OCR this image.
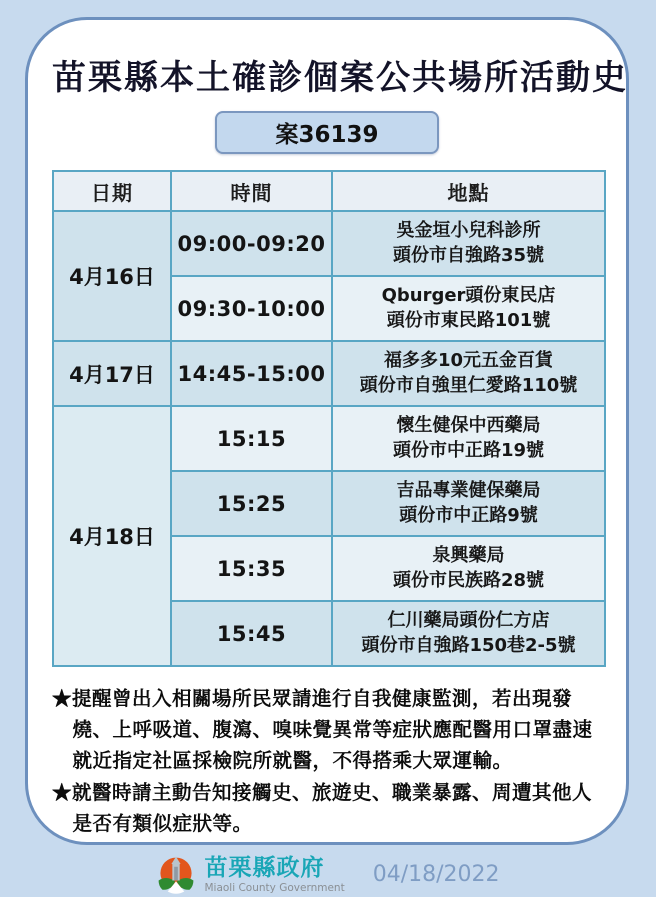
苗栗縣本土確診個案公共場所活動史
案36139
日期	時間	地點
4月16日	09:00-09:20	吳金垣小兒科診所
頭份市自強路35號

	09:30-10:00	Qburger頭份東民店
頭份市東民路101號

4月17日	14:45-15:00	福多多10元五金百貨
頭份市自強里仁愛路110號

4月18日	15:15	懷生健保中西藥局
頭份市中正路19號

	15:25	吉品專業健保藥局
頭份市中正路9號

	15:35	泉興藥局
頭份市民族路28號

	15:45	仁川藥局頭份仁方店
頭份市自強路150巷2-5號
★提醒曾出入相關場所民眾請進行自我健康監測，若出現發燒、上呼吸道、腹瀉、嗅味覺異常等症狀應配醫用口罩盡速就近指定社區採檢院所就醫，不得搭乘大眾運輸。
★就醫時請主動告知接觸史、旅遊史、職業暴露、周遭其他人是否有類似症狀等。
苗栗縣政府
Miaoli County Government
04/18/2022
